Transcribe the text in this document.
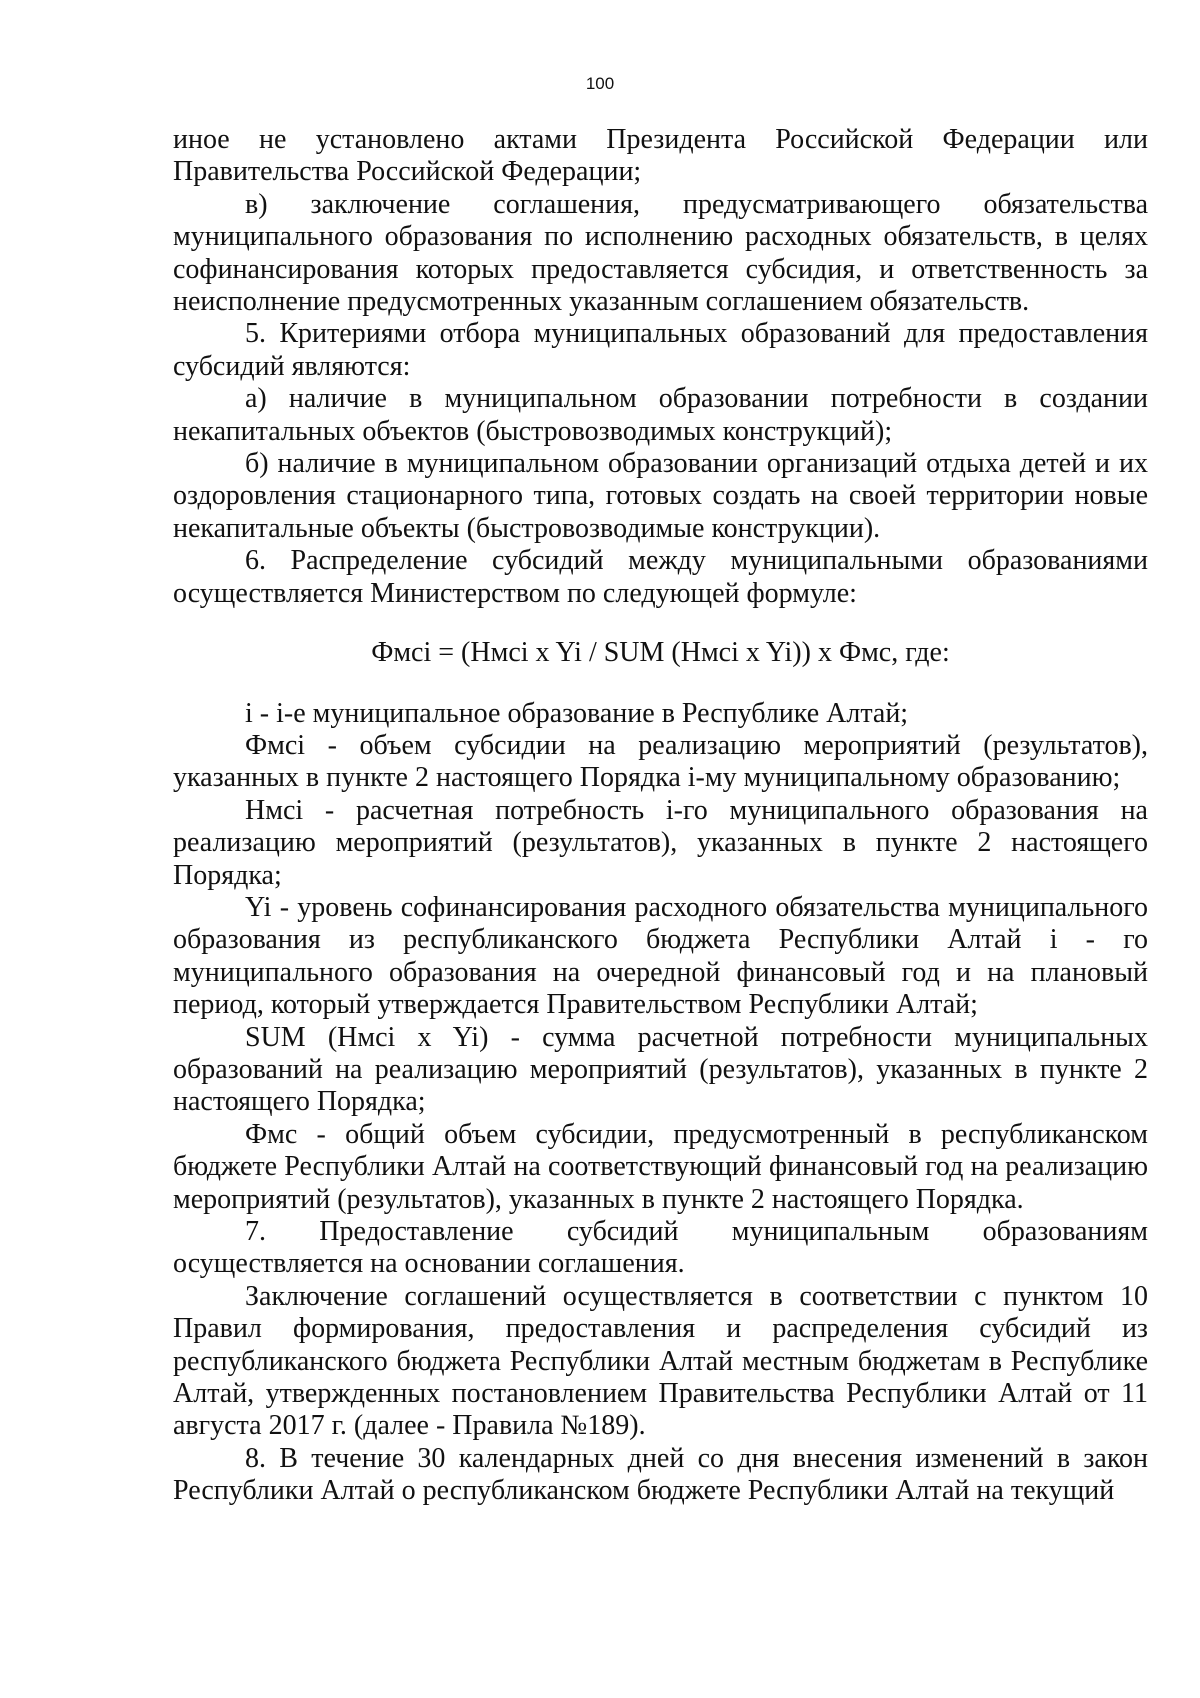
100

иное не установлено актами Президента Российской Федерации или Правительства Российской Федерации;

в) заключение соглашения, предусматривающего обязательства муниципального образования по исполнению расходных обязательств, в целях софинансирования которых предоставляется субсидия, и ответственность за неисполнение предусмотренных указанным соглашением обязательств.

5. Критериями отбора муниципальных образований для предоставления субсидий являются:

а) наличие в муниципальном образовании потребности в создании некапитальных объектов (быстровозводимых конструкций);

б) наличие в муниципальном образовании организаций отдыха детей и их оздоровления стационарного типа, готовых создать на своей территории новые некапитальные объекты (быстровозводимые конструкции).

6. Распределение субсидий между муниципальными образованиями осуществляется Министерством по следующей формуле:

Фмсi = (Нмсi x Yi / SUM (Нмсi x Yi)) x Фмс, где:

i - i-е муниципальное образование в Республике Алтай;

Фмсi - объем субсидии на реализацию мероприятий (результатов), указанных в пункте 2 настоящего Порядка i-му муниципальному образованию;

Нмсi - расчетная потребность i-го муниципального образования на реализацию мероприятий (результатов), указанных в пункте 2 настоящего Порядка;

Yi - уровень софинансирования расходного обязательства муниципального образования из республиканского бюджета Республики Алтай i - го муниципального образования на очередной финансовый год и на плановый период, который утверждается Правительством Республики Алтай;

SUM (Нмсi x Yi) - сумма расчетной потребности муниципальных образований на реализацию мероприятий (результатов), указанных в пункте 2 настоящего Порядка;

Фмс - общий объем субсидии, предусмотренный в республиканском бюджете Республики Алтай на соответствующий финансовый год на реализацию мероприятий (результатов), указанных в пункте 2 настоящего Порядка.

7. Предоставление субсидий муниципальным образованиям осуществляется на основании соглашения.

Заключение соглашений осуществляется в соответствии с пунктом 10 Правил формирования, предоставления и распределения субсидий из республиканского бюджета Республики Алтай местным бюджетам в Республике Алтай, утвержденных постановлением Правительства Республики Алтай от 11 августа 2017 г. (далее - Правила №189).

8. В течение 30 календарных дней со дня внесения изменений в закон Республики Алтай о республиканском бюджете Республики Алтай на текущий
